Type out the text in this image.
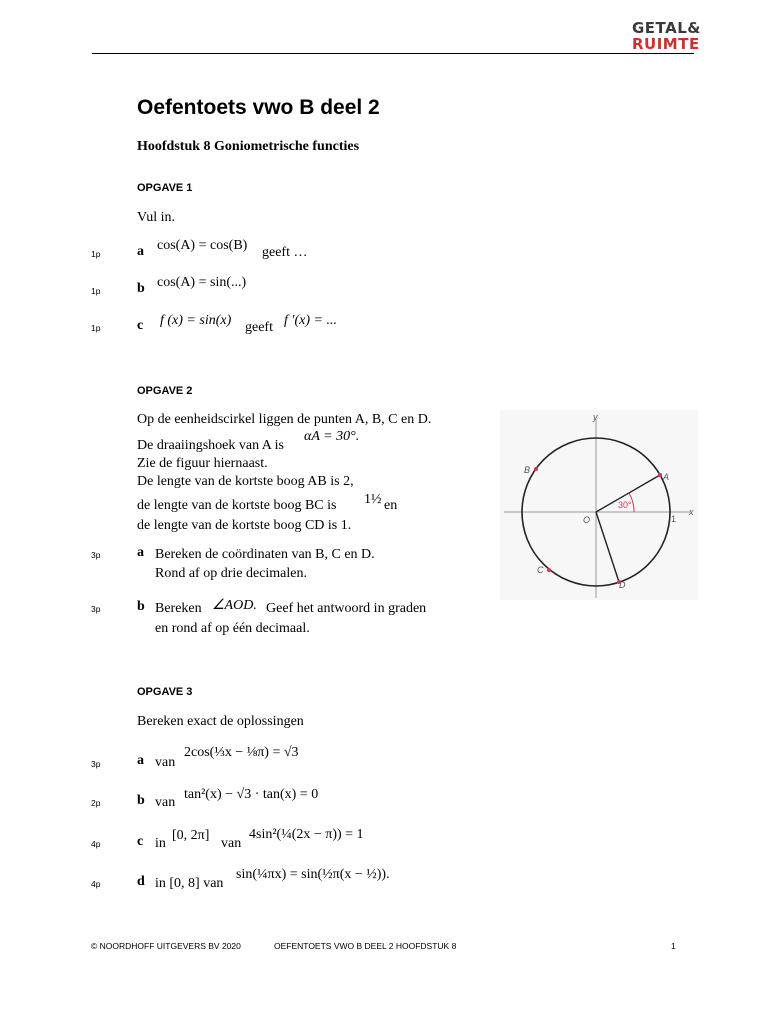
GETAL&
RUIMTE
Oefentoets vwo B deel 2
Hoofdstuk 8 Goniometrische functies
OPGAVE 1
Vul in.
1p	a cos(A) = cos(B) geeft …
1p	b cos(A) = sin(...)
1p	c f (x) = sin(x) geeft f ′(x) = ...
OPGAVE 2
Op de eenheidscirkel liggen de punten A, B, C en D.
De draaiingshoek van A is
αA = 30°.
Zie de figuur hiernaast.
De lengte van de kortste boog AB is 2,
de lengte van de kortste boog BC is 1½ en
de lengte van de kortste boog CD is 1.
3p	a Bereken de coördinaten van B, C en D.
Rond af op drie decimalen.
3p	b Bereken ∠AOD. Geef het antwoord in graden
en rond af op één decimaal.
y
x
O	1
30°
A
B
C
D
OPGAVE 3
Bereken exact de oplossingen
3p	a van
2cos(⅓x − ⅛π) = √3
2p	b van
tan²(x) − √3 · tan(x) = 0
4p	c in
[0, 2π]
van
4sin²(¼(2x − π)) = 1
4p	d in [0, 8] van
sin(¼πx) = sin(½π(x − ½)).
© NOORDHOFF UITGEVERS BV 2020	OEFENTOETS VWO B DEEL 2 HOOFDSTUK 8	1
